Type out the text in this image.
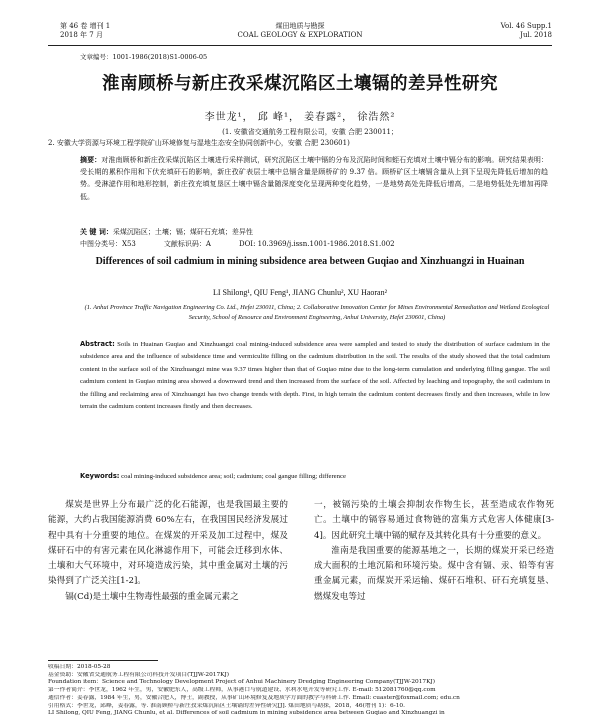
第 46 卷 增刊 1
2018 年 7 月
煤田地质与勘探
COAL GEOLOGY & EXPLORATION
Vol. 46 Supp.1
Jul. 2018
文章编号：1001-1986(2018)S1-0006-05
淮南顾桥与新庄孜采煤沉陷区土壤镉的差异性研究
李世龙¹， 邱 峰¹， 姜春露²， 徐浩然²
(1. 安徽省交通航务工程有限公司，安徽 合肥 230011；
2. 安徽大学资源与环境工程学院矿山环境修复与湿地生态安全协同创新中心，安徽 合肥 230601)
摘要：对淮南顾桥和新庄孜采煤沉陷区土壤进行采样测试，研究沉陷区土壤中镉的分布及沉陷时间和蛭石充填对土壤中镉分布的影响。研究结果表明：受长期的累积作用和下伏充填矸石的影响，新庄孜矿表层土壤中总镉含量是顾桥矿的 9.37 倍。顾桥矿区土壤镉含量从上到下呈现先降低后增加的趋势。受淋滤作用和地形控制，新庄孜充填复垦区土壤中镉含量随深度变化呈现两种变化趋势，一是地势高处先降低后增高，二是地势低处先增加再降低。
关 键 词：采煤沉陷区；土壤；镉；煤矸石充填；差异性
中图分类号：X53	文献标识码：A	DOI: 10.3969/j.issn.1001-1986.2018.S1.002
Differences of soil cadmium in mining subsidence area between Guqiao and Xinzhuangzi in Huainan
LI Shilong¹, QIU Feng¹, JIANG Chunlu², XU Haoran²
(1. Anhui Province Traffic Navigation Engineering Co. Ltd., Hefei 230011, China; 2. Collaborative Innovation Center for Mines Environmental Remediation and Wetland Ecological Security, School of Resource and Environment Engineering, Anhui University, Hefei 230601, China)
Abstract: Soils in Huainan Guqiao and Xinzhuangzi coal mining-induced subsidence area were sampled and tested to study the distribution of surface cadmium in the subsidence area and the influence of subsidence time and vermiculite filling on the cadmium distribution in the soil. The results of the study showed that the total cadmium content in the surface soil of the Xinzhuangzi mine was 9.37 times higher than that of Guqiao mine due to the long-term cumulation and underlying filling gangue. The soil cadmium content in Guqiao mining area showed a downward trend and then increased from the surface of the soil. Affected by leaching and topography, the soil cadmium in the filling and reclaiming area of Xinzhuangzi has two change trends with depth. First, in high terrain the cadmium content decreases firstly and then increases, while in low terrain the cadmium content increases firstly and then decreases.
Keywords: coal mining-induced subsidence area; soil; cadmium; coal gangue filling; difference

煤炭是世界上分布最广泛的化石能源，也是我国最主要的能源，大约占我国能源消费 60%左右，在我国国民经济发展过程中具有十分重要的地位。在煤炭的开采及加工过程中，煤及煤矸石中的有害元素在风化淋滤作用下，可能会迁移到水体、土壤和大气环境中，对环境造成污染，其中重金属对土壤的污染得到了广泛关注[1-2]。

镉(Cd)是土壤中生物毒性最强的重金属元素之

一，被镉污染的土壤会抑制农作物生长，甚至造成农作物死亡。土壤中的镉容易通过食物链的富集方式危害人体健康[3-4]。因此研究土壤中镉的赋存及其转化具有十分重要的意义。

淮南是我国重要的能源基地之一，长期的煤炭开采已经造成大面积的土地沉陷和环境污染。煤中含有镉、汞、铅等有害重金属元素，而煤炭开采运输、煤矸石堆积、矸石充填复垦、燃煤发电等过

收稿日期：2018-05-28
基金资助：安徽省交通航务工程有限公司科技开发项目(TJJW-2017KJ)
Foundation item：Science and Technology Development Project of Anhui Machinery Dredging Engineering Company(TJJW-2017KJ)
第一作者简介：李世龙，1962 年生，男，安徽肥东人，高级工程师，从事港口与航道建设、水利水电开发等研究工作. E-mail: 512081760@qq.com
通信作者：姜春露，1984 年生，男，安徽合肥人，博士，副教授，从事矿山环境修复及地质学方面的教学与科研工作. Email: cuaster@foxmail.com; edu.cn
引用格式：李世龙，邱峰，姜春露，等. 淮南顾桥与新庄孜采煤沉陷区土壤镉的差异性研究[J]. 煤田地质与勘探，2018，46(增刊 1)：6-10.
LI Shilong, QIU Feng, JIANG Chunlu, et al. Differences of soil cadmium in mining subsidence area between Guqiao and Xinzhuangzi in
